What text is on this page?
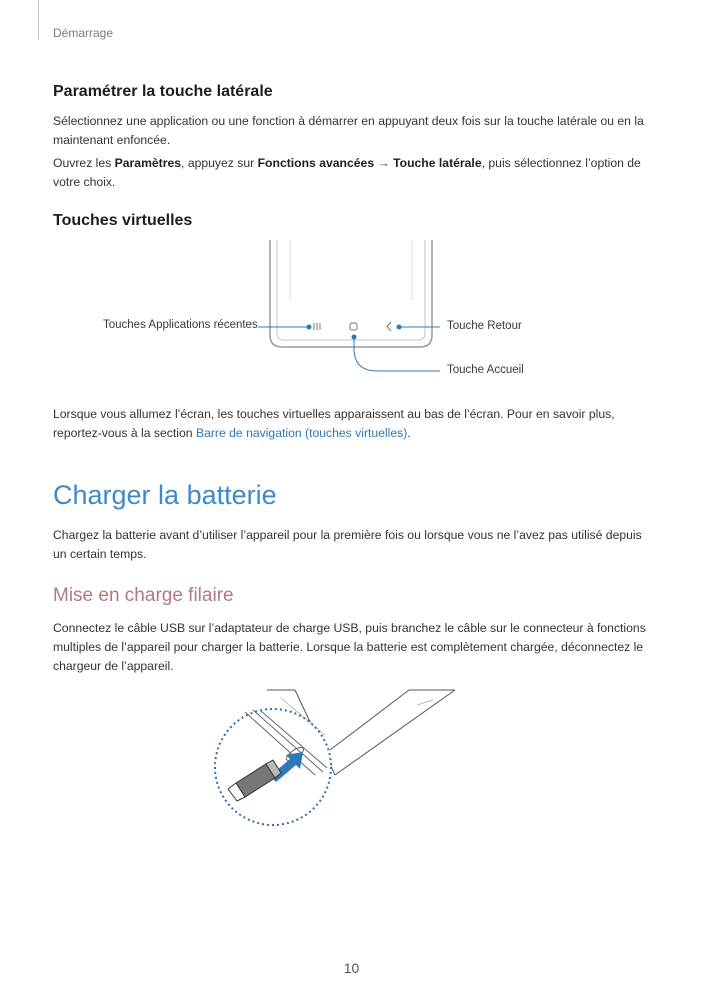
Démarrage
Paramétrer la touche latérale
Sélectionnez une application ou une fonction à démarrer en appuyant deux fois sur la touche latérale ou en la maintenant enfoncée.
Ouvrez les Paramètres, appuyez sur Fonctions avancées → Touche latérale, puis sélectionnez l’option de votre choix.
Touches virtuelles
Touches Applications récentes	Touche Retour
Touche Accueil
Lorsque vous allumez l’écran, les touches virtuelles apparaissent au bas de l’écran. Pour en savoir plus, reportez-vous à la section Barre de navigation (touches virtuelles).
Charger la batterie
Chargez la batterie avant d’utiliser l’appareil pour la première fois ou lorsque vous ne l’avez pas utilisé depuis un certain temps.
Mise en charge filaire
Connectez le câble USB sur l’adaptateur de charge USB, puis branchez le câble sur le connecteur à fonctions multiples de l’appareil pour charger la batterie. Lorsque la batterie est complètement chargée, déconnectez le chargeur de l’appareil.
10
